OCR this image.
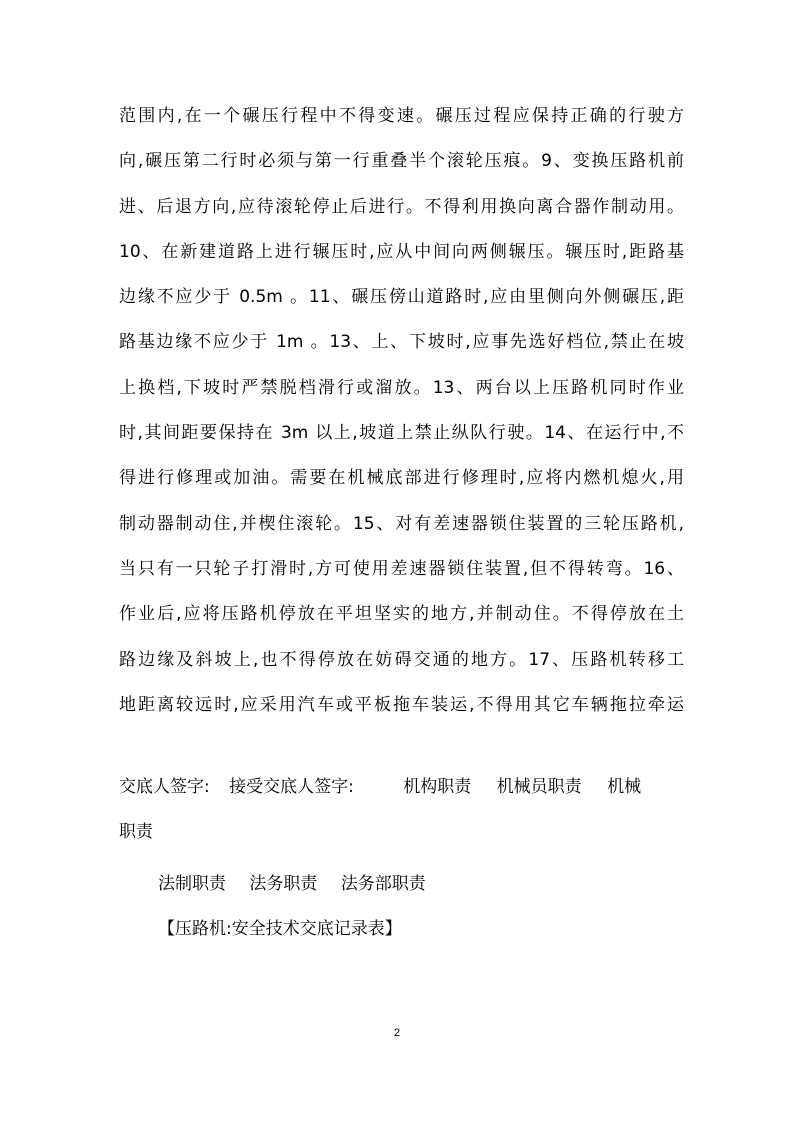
范围内,在一个碾压行程中不得变速。碾压过程应保持正确的行驶方
向,碾压第二行时必须与第一行重叠半个滚轮压痕。9、变换压路机前
进、后退方向,应待滚轮停止后进行。不得利用换向离合器作制动用。
10、在新建道路上进行辗压时,应从中间向两侧辗压。辗压时,距路基
边缘不应少于 0.5m 。11、碾压傍山道路时,应由里侧向外侧碾压,距
路基边缘不应少于 1m 。13、上、下坡时,应事先选好档位,禁止在坡
上换档,下坡时严禁脱档滑行或溜放。13、两台以上压路机同时作业
时,其间距要保持在 3m 以上,坡道上禁止纵队行驶。14、在运行中,不
得进行修理或加油。需要在机械底部进行修理时,应将内燃机熄火,用
制动器制动住,并楔住滚轮。15、对有差速器锁住装置的三轮压路机,
当只有一只轮子打滑时,方可使用差速器锁住装置,但不得转弯。16、
作业后,应将压路机停放在平坦坚实的地方,并制动住。不得停放在土
路边缘及斜坡上,也不得停放在妨碍交通的地方。17、压路机转移工
地距离较远时,应采用汽车或平板拖车装运,不得用其它车辆拖拉牵运
交底人签字: 接受交底人签字:	机构职责 机械员职责 机械
职责
法制职责 法务职责 法务部职责
【压路机:安全技术交底记录表】
2
